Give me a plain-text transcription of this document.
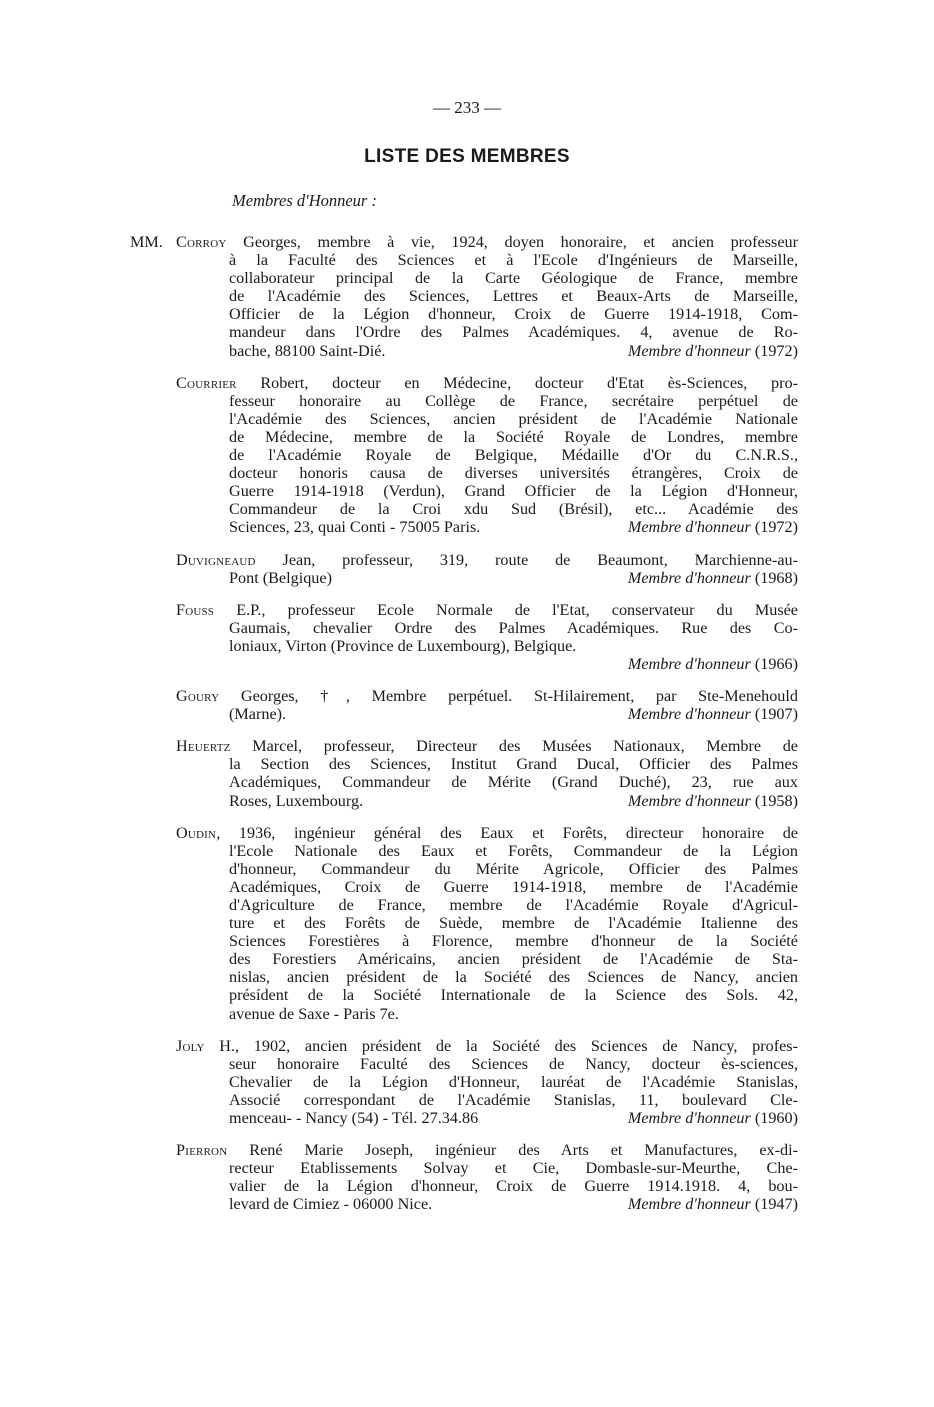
— 233 —
LISTE DES MEMBRES
Membres d'Honneur :
MM. Corroy Georges, membre à vie, 1924, doyen honoraire, et ancien professeur
à la Faculté des Sciences et à l'Ecole d'Ingénieurs de Marseille,
collaborateur principal de la Carte Géologique de France, membre
de l'Académie des Sciences, Lettres et Beaux-Arts de Marseille,
Officier de la Légion d'honneur, Croix de Guerre 1914-1918, Com-
mandeur dans l'Ordre des Palmes Académiques. 4, avenue de Ro-
bache, 88100 Saint-Dié.	Membre d'honneur (1972)
Courrier Robert, docteur en Médecine, docteur d'Etat ès-Sciences, pro-
fesseur honoraire au Collège de France, secrétaire perpétuel de
l'Académie des Sciences, ancien président de l'Académie Nationale
de Médecine, membre de la Société Royale de Londres, membre
de l'Académie Royale de Belgique, Médaille d'Or du C.N.R.S.,
docteur honoris causa de diverses universités étrangères, Croix de
Guerre 1914-1918 (Verdun), Grand Officier de la Légion d'Honneur,
Commandeur de la Croi xdu Sud (Brésil), etc... Académie des
Sciences, 23, quai Conti - 75005 Paris.	Membre d'honneur (1972)
Duvigneaud Jean, professeur, 319, route de Beaumont, Marchienne-au-
Pont (Belgique)	Membre d'honneur (1968)
Fouss E.P., professeur Ecole Normale de l'Etat, conservateur du Musée
Gaumais, chevalier Ordre des Palmes Académiques. Rue des Co-
loniaux, Virton (Province de Luxembourg), Belgique.
Membre d'honneur (1966)
Goury Georges, †, Membre perpétuel. St-Hilairement, par Ste-Menehould
(Marne).	Membre d'honneur (1907)
Heuertz Marcel, professeur, Directeur des Musées Nationaux, Membre de
la Section des Sciences, Institut Grand Ducal, Officier des Palmes
Académiques, Commandeur de Mérite (Grand Duché), 23, rue aux
Roses, Luxembourg.	Membre d'honneur (1958)
Oudin, 1936, ingénieur général des Eaux et Forêts, directeur honoraire de
l'Ecole Nationale des Eaux et Forêts, Commandeur de la Légion
d'honneur, Commandeur du Mérite Agricole, Officier des Palmes
Académiques, Croix de Guerre 1914-1918, membre de l'Académie
d'Agriculture de France, membre de l'Académie Royale d'Agricul-
ture et des Forêts de Suède, membre de l'Académie Italienne des
Sciences Forestières à Florence, membre d'honneur de la Société
des Forestiers Américains, ancien président de l'Académie de Sta-
nislas, ancien président de la Société des Sciences de Nancy, ancien
présídent de la Société Internationale de la Science des Sols. 42,
avenue de Saxe - Paris 7e.
Joly H., 1902, ancien président de la Société des Sciences de Nancy, profes-
seur honoraire Faculté des Sciences de Nancy, docteur ès-sciences,
Chevalier de la Légion d'Honneur, lauréat de l'Académie Stanislas,
Associé correspondant de l'Académie Stanislas, 11, boulevard Cle-
menceau- - Nancy (54) - Tél. 27.34.86	Membre d'honneur (1960)
Pierron René Marie Joseph, ingénieur des Arts et Manufactures, ex-di-
recteur Etablissements Solvay et Cie, Dombasle-sur-Meurthe, Che-
valier de la Légion d'honneur, Croix de Guerre 1914.1918. 4, bou-
levard de Cimiez - 06000 Nice.	Membre d'honneur (1947)
